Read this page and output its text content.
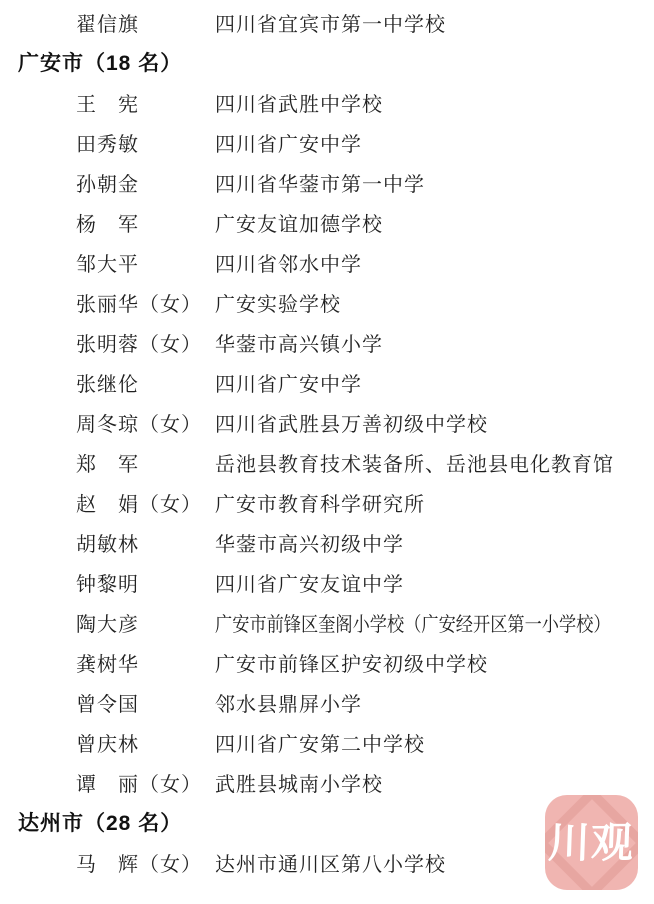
翟信旗	四川省宜宾市第一中学校
广安市（18 名）
王　宪	四川省武胜中学校
田秀敏	四川省广安中学
孙朝金	四川省华蓥市第一中学
杨　军	广安友谊加德学校
邹大平	四川省邻水中学
张丽华（女） 广安实验学校
张明蓉（女） 华蓥市高兴镇小学
张继伦	四川省广安中学
周冬琼（女） 四川省武胜县万善初级中学校
郑　军	岳池县教育技术装备所、岳池县电化教育馆
赵　娟（女） 广安市教育科学研究所
胡敏林	华蓥市高兴初级中学
钟黎明	四川省广安友谊中学
陶大彦	广安市前锋区奎阁小学校（广安经开区第一小学校）
龚树华	广安市前锋区护安初级中学校
曾令国	邻水县鼎屏小学
曾庆林	四川省广安第二中学校
谭　丽（女） 武胜县城南小学校
达州市（28 名）
马　辉（女） 达州市通川区第八小学校	川观
